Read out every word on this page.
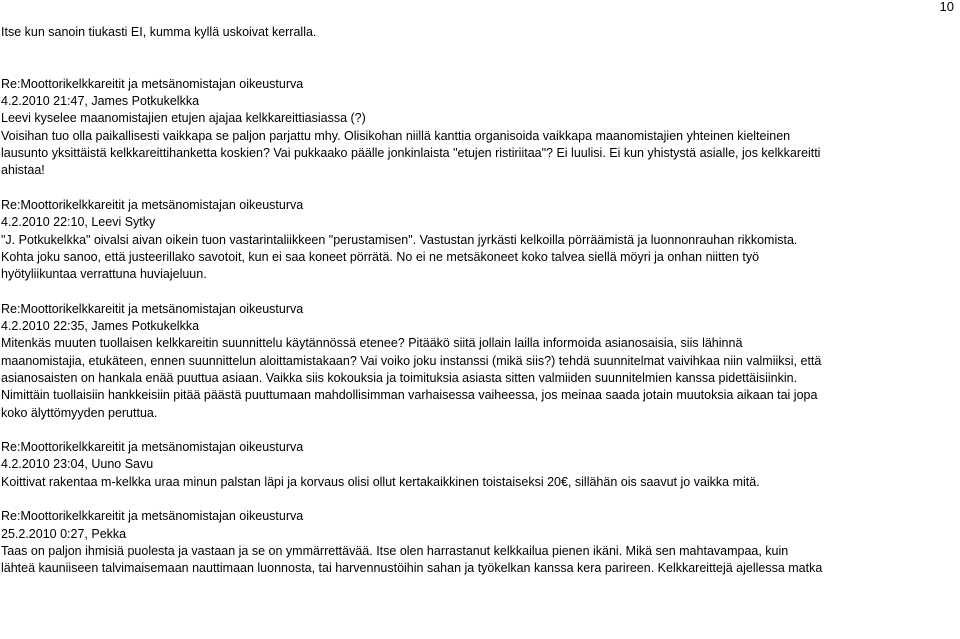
10
Itse kun sanoin tiukasti EI, kumma kyllä uskoivat kerralla.
Re:Moottorikelkkareitit ja metsänomistajan oikeusturva
4.2.2010 21:47, James Potkukelkka
Leevi kyselee maanomistajien etujen ajajaa kelkkareittiasiassa (?)
Voisihan tuo olla paikallisesti vaikkapa se paljon parjattu mhy. Olisikohan niillä kanttia organisoida vaikkapa maanomistajien yhteinen kielteinen
lausunto yksittäistä kelkkareittihanketta koskien? Vai pukkaako päälle jonkinlaista "etujen ristiriitaa"? Ei luulisi. Ei kun yhistystä asialle, jos kelkkareitti
ahistaa!
Re:Moottorikelkkareitit ja metsänomistajan oikeusturva
4.2.2010 22:10, Leevi Sytky
"J. Potkukelkka" oivalsi aivan oikein tuon vastarintaliikkeen "perustamisen". Vastustan jyrkästi kelkoilla pörräämistä ja luonnonrauhan rikkomista.
Kohta joku sanoo, että justeerillako savotoit, kun ei saa koneet pörrätä. No ei ne metsäkoneet koko talvea siellä möyri ja onhan niitten työ
hyötyliikuntaa verrattuna huviajeluun.
Re:Moottorikelkkareitit ja metsänomistajan oikeusturva
4.2.2010 22:35, James Potkukelkka
Mitenkäs muuten tuollaisen kelkkareitin suunnittelu käytännössä etenee? Pitääkö siitä jollain lailla informoida asianosaisia, siis lähinnä
maanomistajia, etukäteen, ennen suunnittelun aloittamistakaan? Vai voiko joku instanssi (mikä siis?) tehdä suunnitelmat vaivihkaa niin valmiiksi, että
asianosaisten on hankala enää puuttua asiaan. Vaikka siis kokouksia ja toimituksia asiasta sitten valmiiden suunnitelmien kanssa pidettäisiinkin.
Nimittäin tuollaisiin hankkeisiin pitää päästä puuttumaan mahdollisimman varhaisessa vaiheessa, jos meinaa saada jotain muutoksia aikaan tai jopa
koko älyttömyyden peruttua.
Re:Moottorikelkkareitit ja metsänomistajan oikeusturva
4.2.2010 23:04, Uuno Savu
Koittivat rakentaa m-kelkka uraa minun palstan läpi ja korvaus olisi ollut kertakaikkinen toistaiseksi 20€, sillähän ois saavut jo vaikka mitä.
Re:Moottorikelkkareitit ja metsänomistajan oikeusturva
25.2.2010 0:27, Pekka
Taas on paljon ihmisiä puolesta ja vastaan ja se on ymmärrettävää. Itse olen harrastanut kelkkailua pienen ikäni. Mikä sen mahtavampaa, kuin
lähteä kauniiseen talvimaisemaan nauttimaan luonnosta, tai harvennustöihin sahan ja työkelkan kanssa kera parireen. Kelkkareittejä ajellessa matka
